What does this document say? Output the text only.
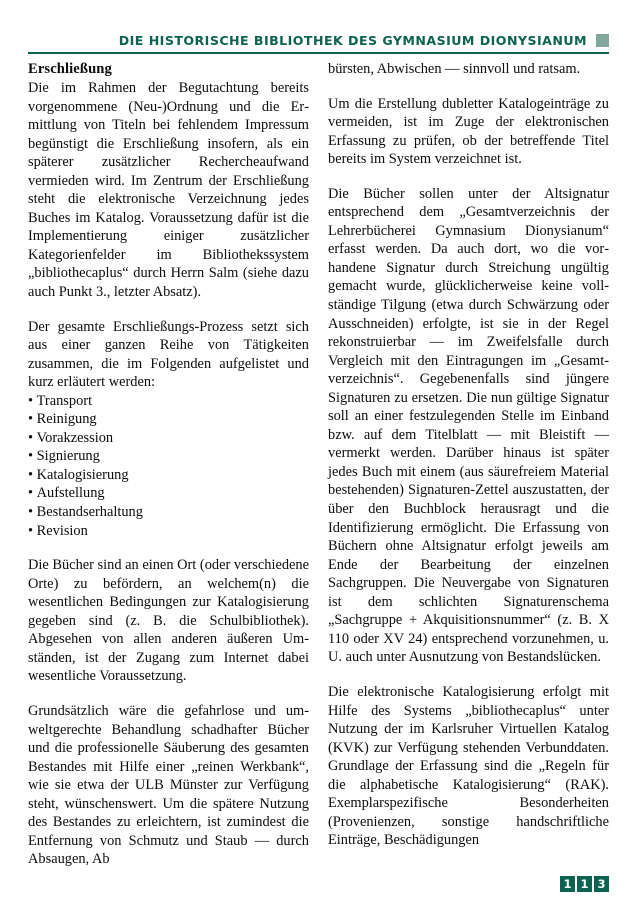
DIE HISTORISCHE BIBLIOTHEK DES GYMNASIUM DIONYSIANUM
Erschließung

Die im Rahmen der Begutachtung bereits vorgenommene (Neu-)Ordnung und die Ermittlung von Titeln bei fehlendem Impressum begünstigt die Erschließung insofern, als ein späterer zusätzlicher Rechercheaufwand vermieden wird. Im Zentrum der Erschließung steht die elektronische Verzeichnung jedes Buches im Katalog. Voraussetzung dafür ist die Implementierung einiger zusätzlicher Kategorienfelder im Bibliothekssystem „bibliothecaplus“ durch Herrn Salm (siehe dazu auch Punkt 3., letzter Absatz).

Der gesamte Erschließungs-Prozess setzt sich aus einer ganzen Reihe von Tätigkeiten zusammen, die im Folgenden aufgelistet und kurz erläutert werden:

• Transport
• Reinigung
• Vorakzession
• Signierung
• Katalogisierung
• Aufstellung
• Bestandserhaltung
• Revision

Die Bücher sind an einen Ort (oder verschiedene Orte) zu befördern, an welchem(n) die wesentlichen Bedingungen zur Katalogisierung gegeben sind (z. B. die Schulbibliothek). Abgesehen von allen anderen äußeren Umständen, ist der Zugang zum Internet dabei wesentliche Voraussetzung.

Grundsätzlich wäre die gefahrlose und umweltgerechte Behandlung schadhafter Bücher und die professionelle Säuberung des gesamten Bestandes mit Hilfe einer „reinen Werkbank“, wie sie etwa der ULB Münster zur Verfügung steht, wünschenswert. Um die spätere Nutzung des Bestandes zu erleichtern, ist zumindest die Entfernung von Schmutz und Staub — durch Absaugen, Ab

bürsten, Abwischen — sinnvoll und ratsam.

Um die Erstellung dubletter Katalogeinträge zu vermeiden, ist im Zuge der elektronischen Erfassung zu prüfen, ob der betreffende Titel bereits im System verzeichnet ist.

Die Bücher sollen unter der Altsignatur entsprechend dem „Gesamtverzeichnis der Lehrerbücherei Gymnasium Dionysianum“ erfasst werden. Da auch dort, wo die vorhandene Signatur durch Streichung ungültig gemacht wurde, glücklicherweise keine vollständige Tilgung (etwa durch Schwärzung oder Ausschneiden) erfolgte, ist sie in der Regel rekonstruierbar — im Zweifelsfalle durch Vergleich mit den Eintragungen im „Gesamtverzeichnis“. Gegebenenfalls sind jüngere Signaturen zu ersetzen. Die nun gültige Signatur soll an einer festzulegenden Stelle im Einband bzw. auf dem Titelblatt — mit Bleistift — vermerkt werden. Darüber hinaus ist später jedes Buch mit einem (aus säurefreiem Material bestehenden) Signaturen-Zettel auszustatten, der über den Buchblock herausragt und die Identifizierung ermöglicht. Die Erfassung von Büchern ohne Altsignatur erfolgt jeweils am Ende der Bearbeitung der einzelnen Sachgruppen. Die Neuvergabe von Signaturen ist dem schlichten Signaturenschema „Sachgruppe + Akquisitionsnummer“ (z. B. X 110 oder XV 24) entsprechend vorzunehmen, u. U. auch unter Ausnutzung von Bestandslücken.

Die elektronische Katalogisierung erfolgt mit Hilfe des Systems „bibliothecaplus“ unter Nutzung der im Karlsruher Virtuellen Katalog (KVK) zur Verfügung stehenden Verbunddaten. Grundlage der Erfassung sind die „Regeln für die alphabetische Katalogisierung“ (RAK). Exemplarspezifische Besonderheiten (Provenienzen, sonstige handschriftliche Einträge, Beschädigungen

1 1 3
